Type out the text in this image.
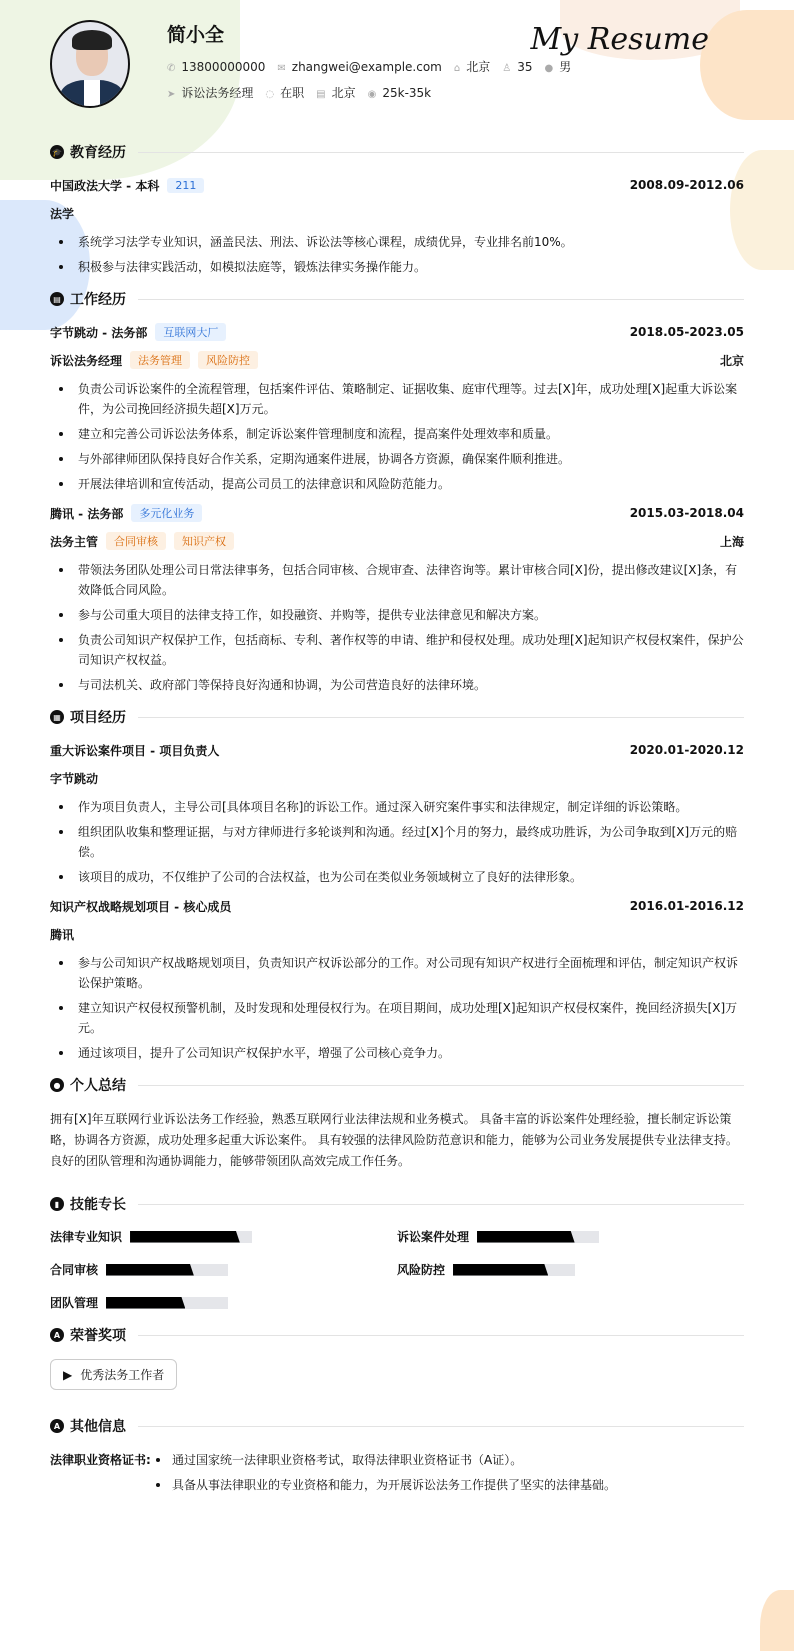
简小全	My Resume
✆ 13800000000 ✉ zhangwei@example.com ⌂ 北京 ♙ 35 ● 男
➤ 诉讼法务经理 ◌ 在职 ▤ 北京 ◉ 25k-35k
🎓 教育经历
中国政法大学 - 本科	211	2008.09-2012.06
法学
系统学习法学专业知识，涵盖民法、刑法、诉讼法等核心课程，成绩优异，专业排名前10%。
积极参与法律实践活动，如模拟法庭等，锻炼法律实务操作能力。
▤ 工作经历
字节跳动 - 法务部	互联网大厂	2018.05-2023.05
诉讼法务经理	法务管理	风险防控	北京
负责公司诉讼案件的全流程管理，包括案件评估、策略制定、证据收集、庭审代理等。过去[X]年，成功处理[X]起重大诉讼案件，为公司挽回经济损失超[X]万元。
建立和完善公司诉讼法务体系，制定诉讼案件管理制度和流程，提高案件处理效率和质量。
与外部律师团队保持良好合作关系，定期沟通案件进展，协调各方资源，确保案件顺利推进。
开展法律培训和宣传活动，提高公司员工的法律意识和风险防范能力。
腾讯 - 法务部	多元化业务	2015.03-2018.04
法务主管	合同审核	知识产权	上海
带领法务团队处理公司日常法律事务，包括合同审核、合规审查、法律咨询等。累计审核合同[X]份，提出修改建议[X]条，有效降低合同风险。
参与公司重大项目的法律支持工作，如投融资、并购等，提供专业法律意见和解决方案。
负责公司知识产权保护工作，包括商标、专利、著作权等的申请、维护和侵权处理。成功处理[X]起知识产权侵权案件，保护公司知识产权权益。
与司法机关、政府部门等保持良好沟通和协调，为公司营造良好的法律环境。
▦ 项目经历
重大诉讼案件项目 - 项目负责人	2020.01-2020.12
字节跳动
作为项目负责人，主导公司[具体项目名称]的诉讼工作。通过深入研究案件事实和法律规定，制定详细的诉讼策略。
组织团队收集和整理证据，与对方律师进行多轮谈判和沟通。经过[X]个月的努力，最终成功胜诉，为公司争取到[X]万元的赔偿。
该项目的成功，不仅维护了公司的合法权益，也为公司在类似业务领域树立了良好的法律形象。
知识产权战略规划项目 - 核心成员	2016.01-2016.12
腾讯
参与公司知识产权战略规划项目，负责知识产权诉讼部分的工作。对公司现有知识产权进行全面梳理和评估，制定知识产权诉讼保护策略。
建立知识产权侵权预警机制，及时发现和处理侵权行为。在项目期间，成功处理[X]起知识产权侵权案件，挽回经济损失[X]万元。
通过该项目，提升了公司知识产权保护水平，增强了公司核心竞争力。
● 个人总结

拥有[X]年互联网行业诉讼法务工作经验，熟悉互联网行业法律法规和业务模式。 具备丰富的诉讼案件处理经验，擅长制定诉讼策略，协调各方资源，成功处理多起重大诉讼案件。 具有较强的法律风险防范意识和能力，能够为公司业务发展提供专业法律支持。 良好的团队管理和沟通协调能力，能够带领团队高效完成工作任务。

▮ 技能专长
法律专业知识	诉讼案件处理
合同审核	风险防控
团队管理
A 荣誉奖项
▶ 优秀法务工作者
A 其他信息
法律职业资格证书:	通过国家统一法律职业资格考试，取得法律职业资格证书（A证）。
具备从事法律职业的专业资格和能力，为开展诉讼法务工作提供了坚实的法律基础。
